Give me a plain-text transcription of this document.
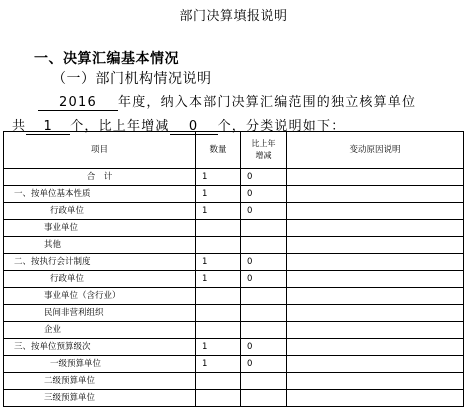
部门决算填报说明
一、决算汇编基本情况
（一）部门机构情况说明
2016 年度，纳入本部门决算汇编范围的独立核算单位
共 1 个，比上年增减 0 个，分类说明如下：
项目	数量	比上年增减	变动原因说明
合　计	1	0	
一、按单位基本性质	1	0	
行政单位	1	0	
事业单位			
其他			
二、按执行会计制度	1	0	
行政单位	1	0	
事业单位（含行业）			
民间非营利组织			
企业			
三、按单位预算级次	1	0	
一级预算单位	1	0	
二级预算单位			
三级预算单位			
